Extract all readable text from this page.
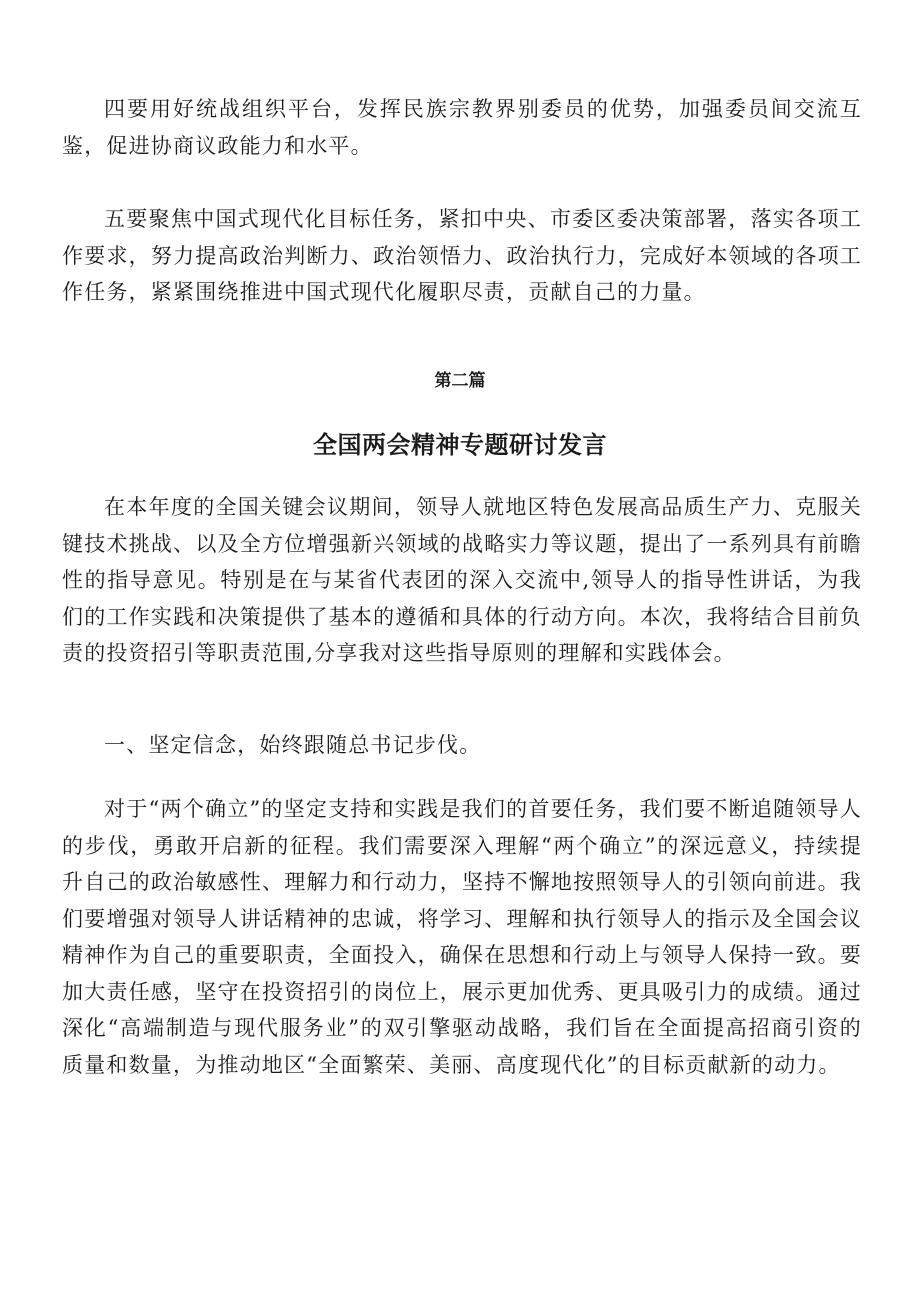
四要用好统战组织平台，发挥民族宗教界别委员的优势，加强委员间交流互鉴，促进协商议政能力和水平。

五要聚焦中国式现代化目标任务，紧扣中央、市委区委决策部署，落实各项工作要求，努力提高政治判断力、政治领悟力、政治执行力，完成好本领域的各项工作任务，紧紧围绕推进中国式现代化履职尽责，贡献自己的力量。

第二篇

全国两会精神专题研讨发言

在本年度的全国关键会议期间，领导人就地区特色发展高品质生产力、克服关键技术挑战、以及全方位增强新兴领域的战略实力等议题，提出了一系列具有前瞻性的指导意见。特别是在与某省代表团的深入交流中,领导人的指导性讲话，为我们的工作实践和决策提供了基本的遵循和具体的行动方向。本次，我将结合目前负责的投资招引等职责范围,分享我对这些指导原则的理解和实践体会。

一、坚定信念，始终跟随总书记步伐。

对于“两个确立”的坚定支持和实践是我们的首要任务，我们要不断追随领导人的步伐，勇敢开启新的征程。我们需要深入理解“两个确立”的深远意义，持续提升自己的政治敏感性、理解力和行动力，坚持不懈地按照领导人的引领向前进。我们要增强对领导人讲话精神的忠诚，将学习、理解和执行领导人的指示及全国会议精神作为自己的重要职责，全面投入，确保在思想和行动上与领导人保持一致。要加大责任感，坚守在投资招引的岗位上，展示更加优秀、更具吸引力的成绩。通过深化“高端制造与现代服务业”的双引擎驱动战略，我们旨在全面提高招商引资的质量和数量，为推动地区“全面繁荣、美丽、高度现代化”的目标贡献新的动力。
